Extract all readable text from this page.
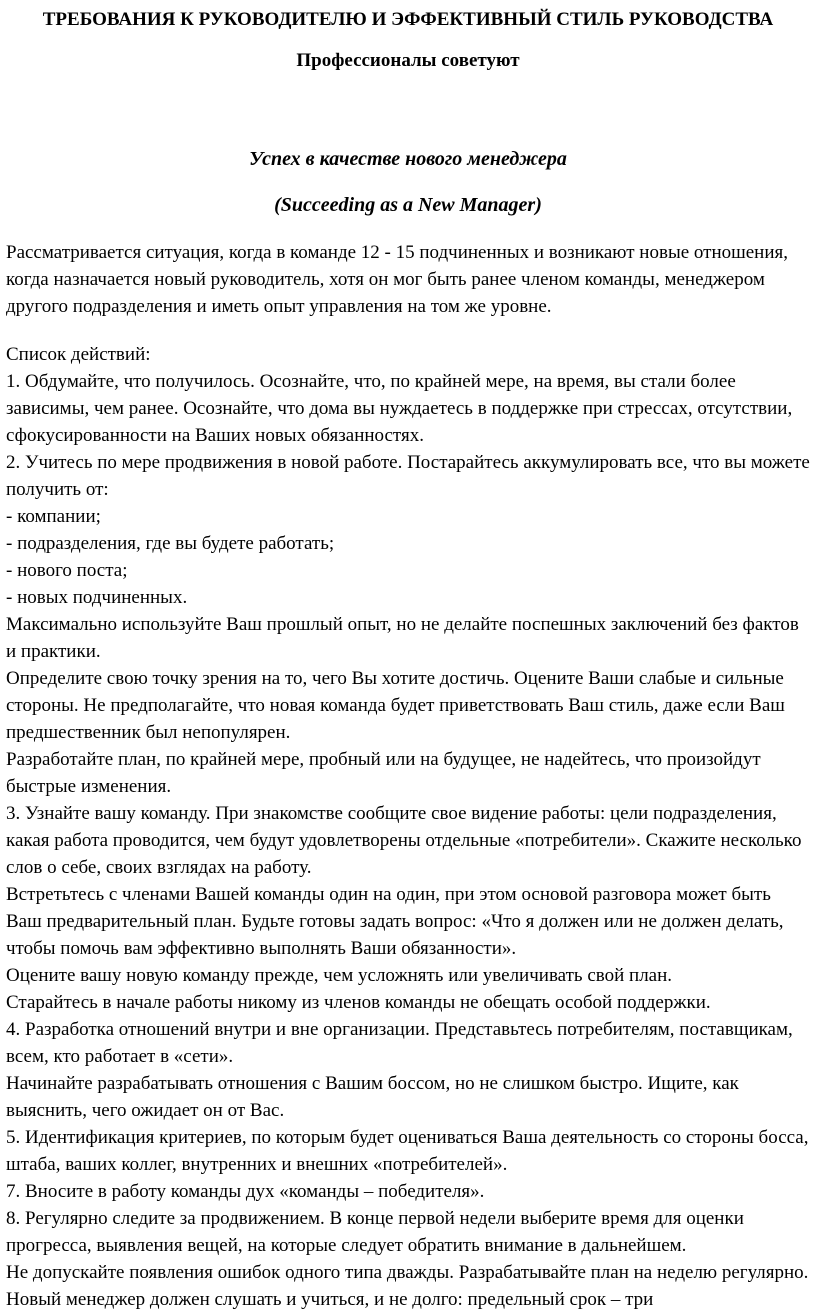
ТРЕБОВАНИЯ К РУКОВОДИТЕЛЮ И ЭФФЕКТИВНЫЙ СТИЛЬ РУКОВОДСТВА
Профессионалы советуют
Успех в качестве нового менеджера
(Succeeding as a New Manager)

Рассматривается ситуация, когда в команде 12 - 15 подчиненных и возникают новые отношения, когда назначается новый руководитель, хотя он мог быть ранее членом команды, менеджером другого подразделения и иметь опыт управления на том же уровне.

Список действий:

1. Обдумайте, что получилось. Осознайте, что, по крайней мере, на время, вы стали более зависимы, чем ранее. Осознайте, что дома вы нуждаетесь в поддержке при стрессах, отсутствии, сфокусированности на Ваших новых обязанностях.

2. Учитесь по мере продвижения в новой работе. Постарайтесь аккумулировать все, что вы можете получить от:

- компании;

- подразделения, где вы будете работать;

- нового поста;

- новых подчиненных.

Максимально используйте Ваш прошлый опыт, но не делайте поспешных заключений без фактов и практики.

Определите свою точку зрения на то, чего Вы хотите достичь. Оцените Ваши слабые и сильные стороны. Не предполагайте, что новая команда будет приветствовать Ваш стиль, даже если Ваш предшественник был непопулярен.

Разработайте план, по крайней мере, пробный или на будущее, не надейтесь, что произойдут быстрые изменения.

3. Узнайте вашу команду. При знакомстве сообщите свое видение работы: цели подразделения, какая работа проводится, чем будут удовлетворены отдельные «потребители». Скажите несколько слов о себе, своих взглядах на работу.

Встретьтесь с членами Вашей команды один на один, при этом основой разговора может быть Ваш предварительный план. Будьте готовы задать вопрос: «Что я должен или не должен делать, чтобы помочь вам эффективно выполнять Ваши обязанности».

Оцените вашу новую команду прежде, чем усложнять или увеличивать свой план.

Старайтесь в начале работы никому из членов команды не обещать особой поддержки.

4. Разработка отношений внутри и вне организации. Представьтесь потребителям, поставщикам, всем, кто работает в «сети».

Начинайте разрабатывать отношения с Вашим боссом, но не слишком быстро. Ищите, как выяснить, чего ожидает он от Вас.

5. Идентификация критериев, по которым будет оцениваться Ваша деятельность со стороны босса, штаба, ваших коллег, внутренних и внешних «потребителей».

7. Вносите в работу команды дух «команды – победителя».

8. Регулярно следите за продвижением. В конце первой недели выберите время для оценки прогресса, выявления вещей, на которые следует обратить внимание в дальнейшем.

Не допускайте появления ошибок одного типа дважды. Разрабатывайте план на неделю регулярно. Новый менеджер должен слушать и учиться, и не долго: предельный срок – три
